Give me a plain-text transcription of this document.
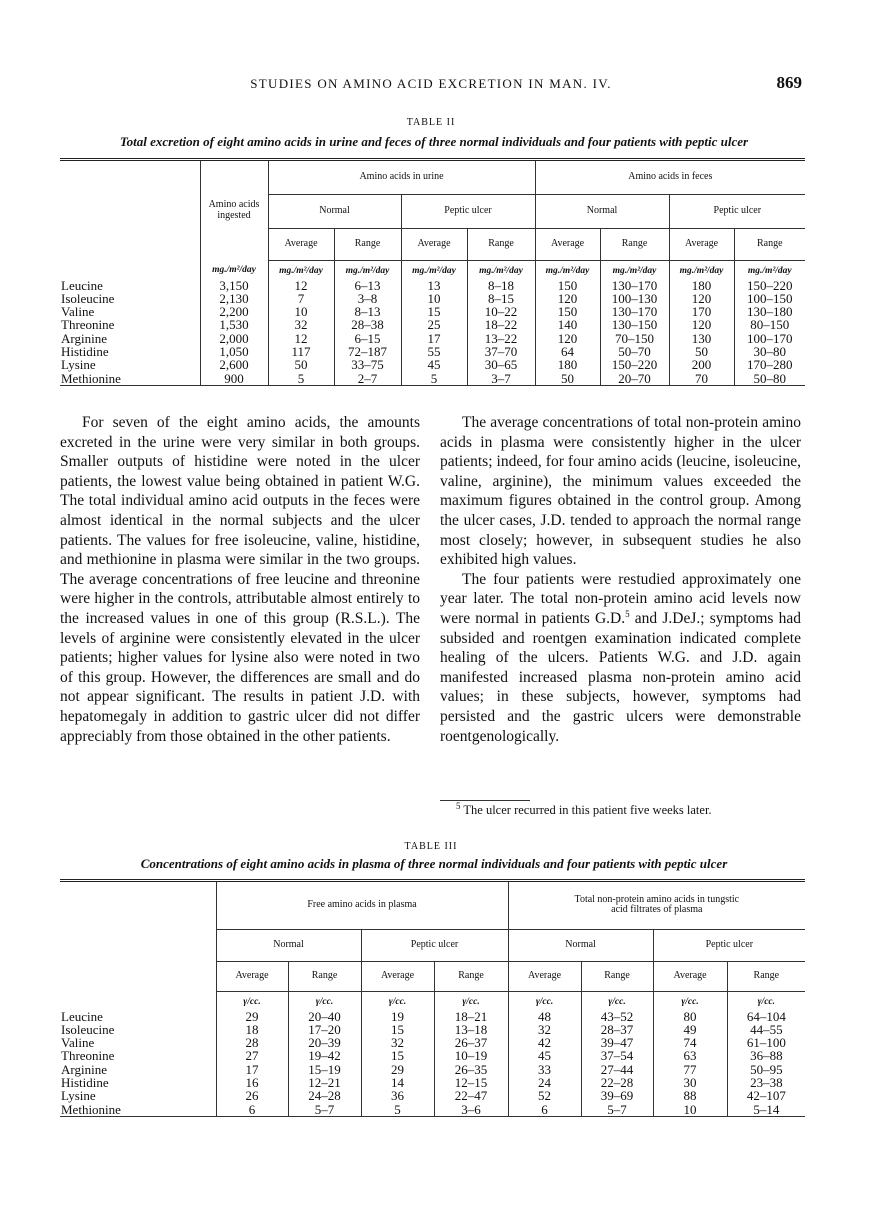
STUDIES ON AMINO ACID EXCRETION IN MAN. IV.	869
TABLE II
Total excretion of eight amino acids in urine and feces of three normal individuals and four patients with peptic ulcer
	Amino acids ingested	Amino acids in urine				Amino acids in feces			
		Normal		Peptic ulcer		Normal		Peptic ulcer	
		Average	Range	Average	Range	Average	Range	Average	Range
	mg./m²/day	mg./m²/day	mg./m²/day	mg./m²/day	mg./m²/day	mg./m²/day	mg./m²/day	mg./m²/day	mg./m²/day
Leucine	3,150	12	6–13	13	8–18	150	130–170	180	150–220
Isoleucine	2,130	7	3–8	10	8–15	120	100–130	120	100–150
Valine	2,200	10	8–13	15	10–22	150	130–170	170	130–180
Threonine	1,530	32	28–38	25	18–22	140	130–150	120	80–150
Arginine	2,000	12	6–15	17	13–22	120	70–150	130	100–170
Histidine	1,050	117	72–187	55	37–70	64	50–70	50	30–80
Lysine	2,600	50	33–75	45	30–65	180	150–220	200	170–280
Methionine	900	5	2–7	5	3–7	50	20–70	70	50–80

For seven of the eight amino acids, the amounts excreted in the urine were very similar in both groups. Smaller outputs of histidine were noted in the ulcer patients, the lowest value being obtained in patient W.G. The total individual amino acid outputs in the feces were almost identical in the normal subjects and the ulcer patients. The values for free isoleucine, valine, histidine, and methionine in plasma were similar in the two groups. The average concentrations of free leucine and threonine were higher in the controls, attributable almost entirely to the increased values in one of this group (R.S.L.). The levels of arginine were consistently elevated in the ulcer patients; higher values for lysine also were noted in two of this group. However, the differences are small and do not appear significant. The results in patient J.D. with hepatomegaly in addition to gastric ulcer did not differ appreciably from those obtained in the other patients.

The average concentrations of total non-protein amino acids in plasma were consistently higher in the ulcer patients; indeed, for four amino acids (leucine, isoleucine, valine, arginine), the minimum values exceeded the maximum figures obtained in the control group. Among the ulcer cases, J.D. tended to approach the normal range most closely; however, in subsequent studies he also exhibited high values.

The four patients were restudied approximately one year later. The total non-protein amino acid levels now were normal in patients G.D.$^5$ and J.DeJ.; symptoms had subsided and roentgen examination indicated complete healing of the ulcers. Patients W.G. and J.D. again manifested increased plasma non-protein amino acid values; in these subjects, however, symptoms had persisted and the gastric ulcers were demonstrable roentgenologically.

$^5$ The ulcer recurred in this patient five weeks later.
TABLE III
Concentrations of eight amino acids in plasma of three normal individuals and four patients with peptic ulcer
	Free amino acids in plasma				Total non-protein amino acids in tungstic acid filtrates of plasma			
	Normal		Peptic ulcer		Normal		Peptic ulcer	
	Average	Range	Average	Range	Average	Range	Average	Range
	γ/cc.	γ/cc.	γ/cc.	γ/cc.	γ/cc.	γ/cc.	γ/cc.	γ/cc.
Leucine	29	20–40	19	18–21	48	43–52	80	64–104
Isoleucine	18	17–20	15	13–18	32	28–37	49	44–55
Valine	28	20–39	32	26–37	42	39–47	74	61–100
Threonine	27	19–42	15	10–19	45	37–54	63	36–88
Arginine	17	15–19	29	26–35	33	27–44	77	50–95
Histidine	16	12–21	14	12–15	24	22–28	30	23–38
Lysine	26	24–28	36	22–47	52	39–69	88	42–107
Methionine	6	5–7	5	3–6	6	5–7	10	5–14
